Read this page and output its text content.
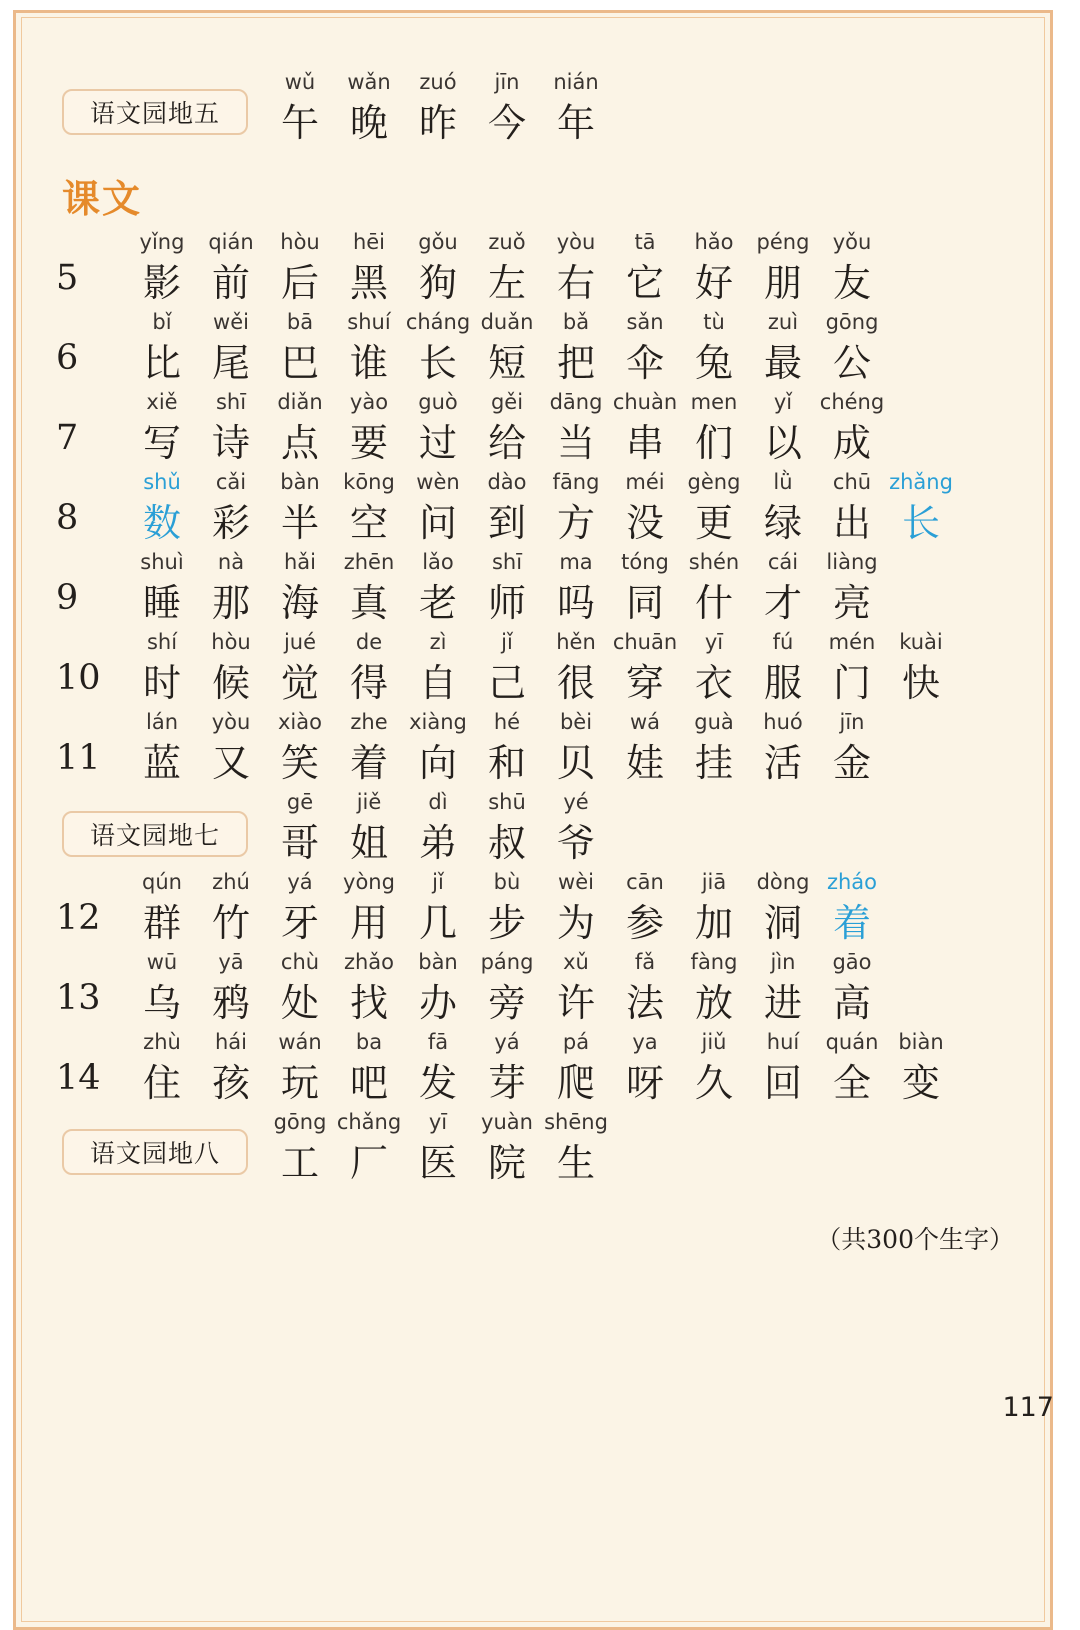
语文园地五
语文园地七
语文园地八
课文
wǔ
午
wǎn
晚
zuó
昨
jīn
今
nián
年
5
yǐng
影
qián
前
hòu
后
hēi
黑
gǒu
狗
zuǒ
左
yòu
右
tā
它
hǎo
好
péng
朋
yǒu
友
6
bǐ
比
wěi
尾
bā
巴
shuí
谁
cháng
长
duǎn
短
bǎ
把
sǎn
伞
tù
兔
zuì
最
gōng
公
7
xiě
写
shī
诗
diǎn
点
yào
要
guò
过
gěi
给
dāng
当
chuàn
串
men
们
yǐ
以
chéng
成
8
shǔ
数
cǎi
彩
bàn
半
kōng
空
wèn
问
dào
到
fāng
方
méi
没
gèng
更
lǜ
绿
chū
出
zhǎng
长
9
shuì
睡
nà
那
hǎi
海
zhēn
真
lǎo
老
shī
师
ma
吗
tóng
同
shén
什
cái
才
liàng
亮
10
shí
时
hòu
候
jué
觉
de
得
zì
自
jǐ
己
hěn
很
chuān
穿
yī
衣
fú
服
mén
门
kuài
快
11
lán
蓝
yòu
又
xiào
笑
zhe
着
xiàng
向
hé
和
bèi
贝
wá
娃
guà
挂
huó
活
jīn
金
gē
哥
jiě
姐
dì
弟
shū
叔
yé
爷
12
qún
群
zhú
竹
yá
牙
yòng
用
jǐ
几
bù
步
wèi
为
cān
参
jiā
加
dòng
洞
zháo
着
13
wū
乌
yā
鸦
chù
处
zhǎo
找
bàn
办
páng
旁
xǔ
许
fǎ
法
fàng
放
jìn
进
gāo
高
14
zhù
住
hái
孩
wán
玩
ba
吧
fā
发
yá
芽
pá
爬
ya
呀
jiǔ
久
huí
回
quán
全
biàn
变
gōng
工
chǎng
厂
yī
医
yuàn
院
shēng
生
（共300个生字）
117
